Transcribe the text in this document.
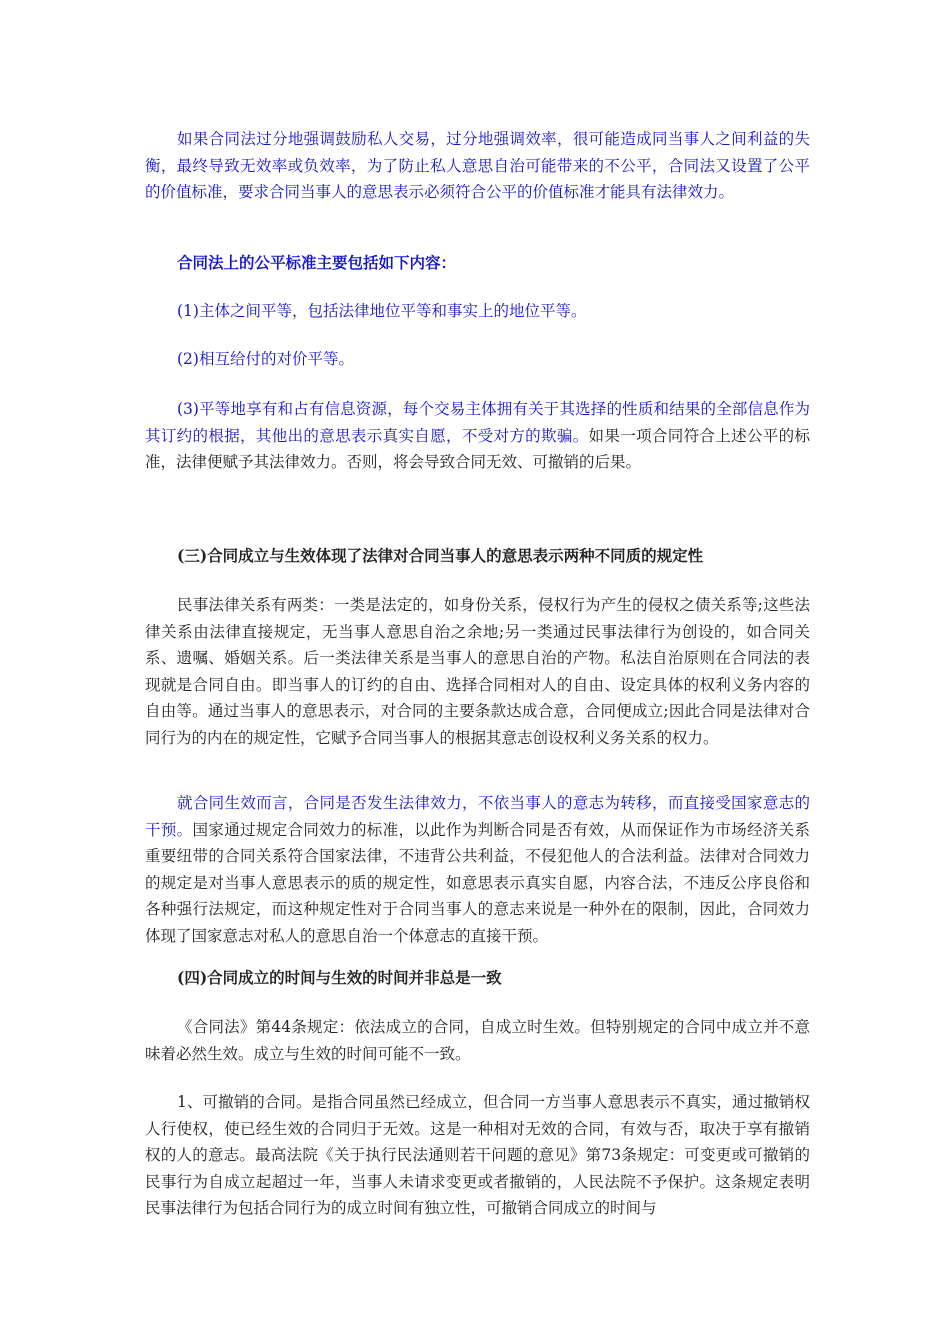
如果合同法过分地强调鼓励私人交易，过分地强调效率，很可能造成同当事人之间利益的失衡，最终导致无效率或负效率，为了防止私人意思自治可能带来的不公平，合同法又设置了公平的价值标准，要求合同当事人的意思表示必须符合公平的价值标准才能具有法律效力。

合同法上的公平标准主要包括如下内容：

(1)主体之间平等，包括法律地位平等和事实上的地位平等。

(2)相互给付的对价平等。

(3)平等地享有和占有信息资源，每个交易主体拥有关于其选择的性质和结果的全部信息作为其订约的根据，其他出的意思表示真实自愿，不受对方的欺骗。如果一项合同符合上述公平的标准，法律便赋予其法律效力。否则，将会导致合同无效、可撤销的后果。

(三)合同成立与生效体现了法律对合同当事人的意思表示两种不同质的规定性

民事法律关系有两类：一类是法定的，如身份关系，侵权行为产生的侵权之债关系等;这些法律关系由法律直接规定，无当事人意思自治之余地;另一类通过民事法律行为创设的，如合同关系、遗嘱、婚姻关系。后一类法律关系是当事人的意思自治的产物。私法自治原则在合同法的表现就是合同自由。即当事人的订约的自由、选择合同相对人的自由、设定具体的权利义务内容的自由等。通过当事人的意思表示，对合同的主要条款达成合意，合同便成立;因此合同是法律对合同行为的内在的规定性，它赋予合同当事人的根据其意志创设权利义务关系的权力。

就合同生效而言，合同是否发生法律效力，不依当事人的意志为转移，而直接受国家意志的干预。国家通过规定合同效力的标准，以此作为判断合同是否有效，从而保证作为市场经济关系重要纽带的合同关系符合国家法律，不违背公共利益，不侵犯他人的合法利益。法律对合同效力的规定是对当事人意思表示的质的规定性，如意思表示真实自愿，内容合法，不违反公序良俗和各种强行法规定，而这种规定性对于合同当事人的意志来说是一种外在的限制，因此，合同效力体现了国家意志对私人的意思自治一个体意志的直接干预。

(四)合同成立的时间与生效的时间并非总是一致

《合同法》第44条规定：依法成立的合同，自成立时生效。但特别规定的合同中成立并不意味着必然生效。成立与生效的时间可能不一致。

1、可撤销的合同。是指合同虽然已经成立，但合同一方当事人意思表示不真实，通过撤销权人行使权，使已经生效的合同归于无效。这是一种相对无效的合同，有效与否，取决于享有撤销权的人的意志。最高法院《关于执行民法通则若干问题的意见》第73条规定：可变更或可撤销的民事行为自成立起超过一年，当事人未请求变更或者撤销的，人民法院不予保护。这条规定表明民事法律行为包括合同行为的成立时间有独立性，可撤销合同成立的时间与
